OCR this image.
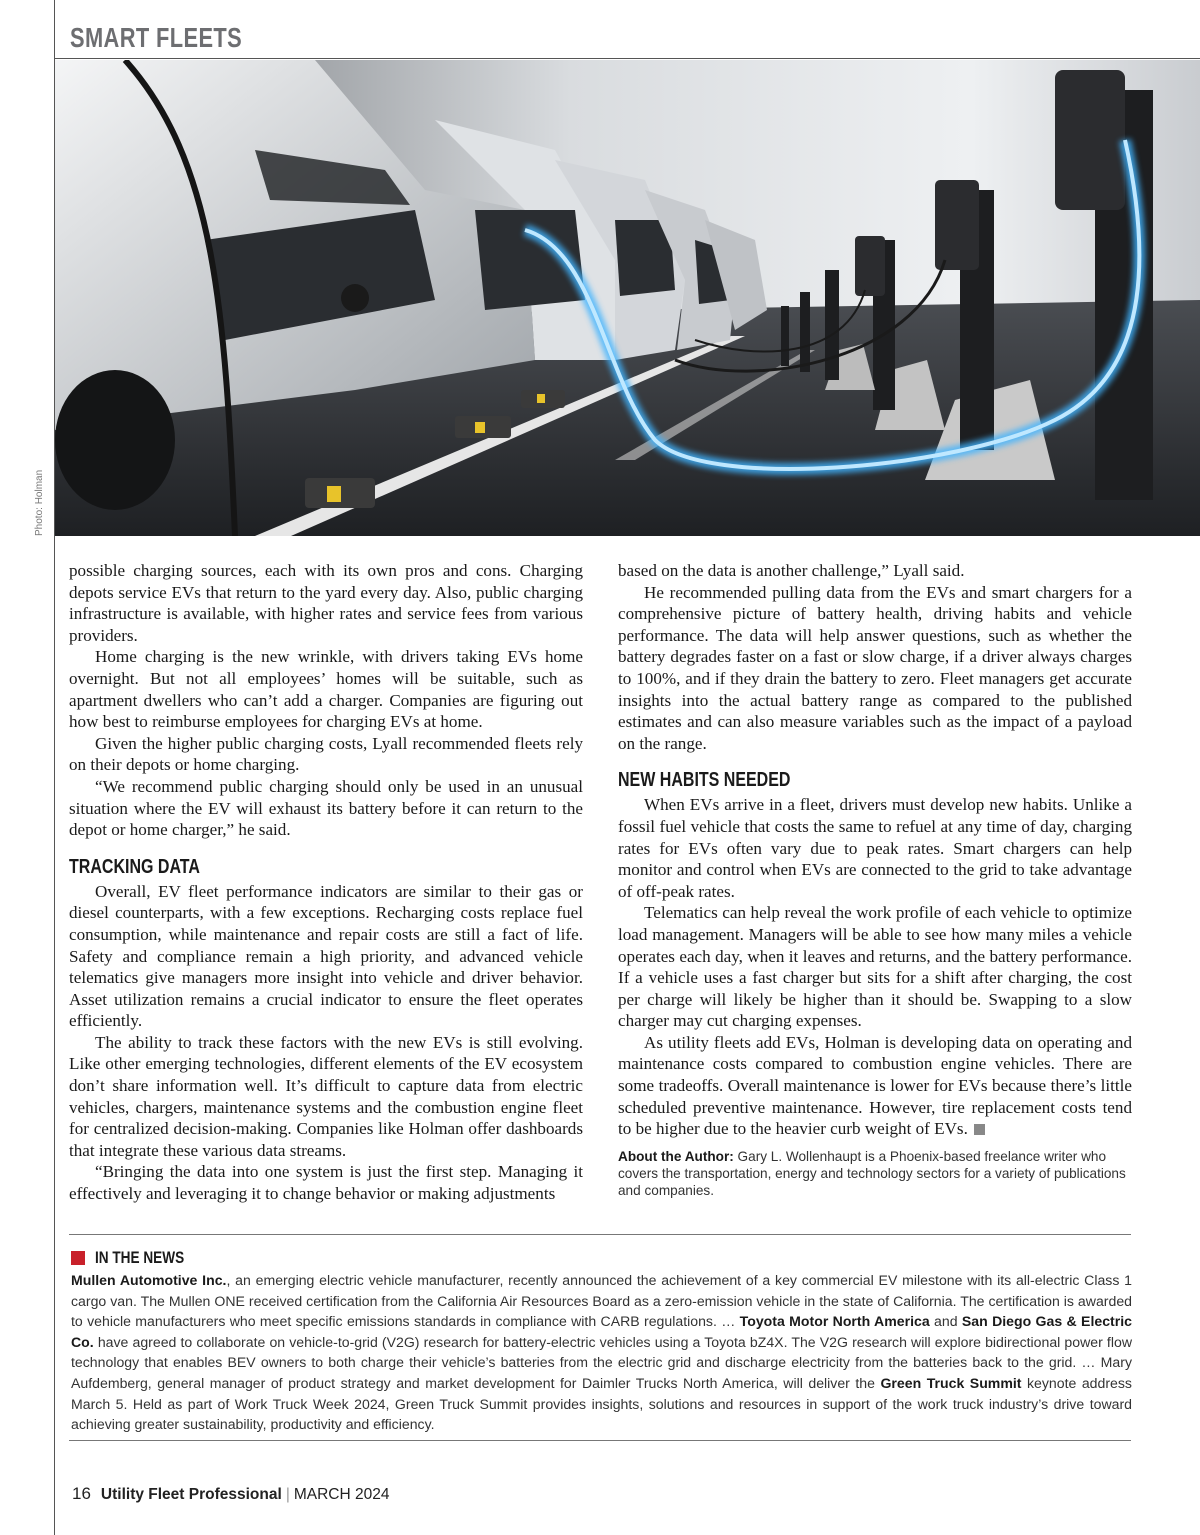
SMART FLEETS
Photo: Holman

possible charging sources, each with its own pros and cons. Charging depots service EVs that return to the yard every day. Also, public charging infrastructure is available, with higher rates and service fees from various providers.

Home charging is the new wrinkle, with drivers taking EVs home overnight. But not all employees’ homes will be suitable, such as apartment dwellers who can’t add a charger. Companies are figuring out how best to reimburse employees for charging EVs at home.

Given the higher public charging costs, Lyall recommended fleets rely on their depots or home charging.

“We recommend public charging should only be used in an unusual situation where the EV will exhaust its battery before it can return to the depot or home charger,” he said.

TRACKING DATA

Overall, EV fleet performance indicators are similar to their gas or diesel counterparts, with a few exceptions. Recharging costs replace fuel consumption, while maintenance and repair costs are still a fact of life. Safety and compliance remain a high priority, and advanced vehicle telematics give managers more insight into vehicle and driver behavior. Asset utilization remains a crucial indicator to ensure the fleet operates efficiently.

The ability to track these factors with the new EVs is still evolving. Like other emerging technologies, different elements of the EV ecosystem don’t share information well. It’s difficult to capture data from electric vehicles, chargers, maintenance systems and the combustion engine fleet for centralized decision-making. Companies like Holman offer dashboards that integrate these various data streams.

“Bringing the data into one system is just the first step. Managing it effectively and leveraging it to change behavior or making adjustments

based on the data is another challenge,” Lyall said.

He recommended pulling data from the EVs and smart chargers for a comprehensive picture of battery health, driving habits and vehicle performance. The data will help answer questions, such as whether the battery degrades faster on a fast or slow charge, if a driver always charges to 100%, and if they drain the battery to zero. Fleet managers get accurate insights into the actual battery range as compared to the published estimates and can also measure variables such as the impact of a payload on the range.

NEW HABITS NEEDED

When EVs arrive in a fleet, drivers must develop new habits. Unlike a fossil fuel vehicle that costs the same to refuel at any time of day, charging rates for EVs often vary due to peak rates. Smart chargers can help monitor and control when EVs are connected to the grid to take advantage of off-peak rates.

Telematics can help reveal the work profile of each vehicle to optimize load management. Managers will be able to see how many miles a vehicle operates each day, when it leaves and returns, and the battery performance. If a vehicle uses a fast charger but sits for a shift after charging, the cost per charge will likely be higher than it should be. Swapping to a slow charger may cut charging expenses.

As utility fleets add EVs, Holman is developing data on operating and maintenance costs compared to combustion engine vehicles. There are some tradeoffs. Overall maintenance is lower for EVs because there’s little scheduled preventive maintenance. However, tire replacement costs tend to be higher due to the heavier curb weight of EVs.

About the Author: Gary L. Wollenhaupt is a Phoenix-based freelance writer who covers the transportation, energy and technology sectors for a variety of publications and companies.
IN THE NEWS

Mullen Automotive Inc., an emerging electric vehicle manufacturer, recently announced the achievement of a key commercial EV milestone with its all-electric Class 1 cargo van. The Mullen ONE received certification from the California Air Resources Board as a zero-emission vehicle in the state of California. The certification is awarded to vehicle manufacturers who meet specific emissions standards in compliance with CARB regulations. … Toyota Motor North America and San Diego Gas & Electric Co. have agreed to collaborate on vehicle-to-grid (V2G) research for battery-electric vehicles using a Toyota bZ4X. The V2G research will explore bidirectional power flow technology that enables BEV owners to both charge their vehicle’s batteries from the electric grid and discharge electricity from the batteries back to the grid. … Mary Aufdemberg, general manager of product strategy and market development for Daimler Trucks North America, will deliver the Green Truck Summit keynote address March 5. Held as part of Work Truck Week 2024, Green Truck Summit provides insights, solutions and resources in support of the work truck industry’s drive toward achieving greater sustainability, productivity and efficiency.

16 Utility Fleet Professional | MARCH 2024
